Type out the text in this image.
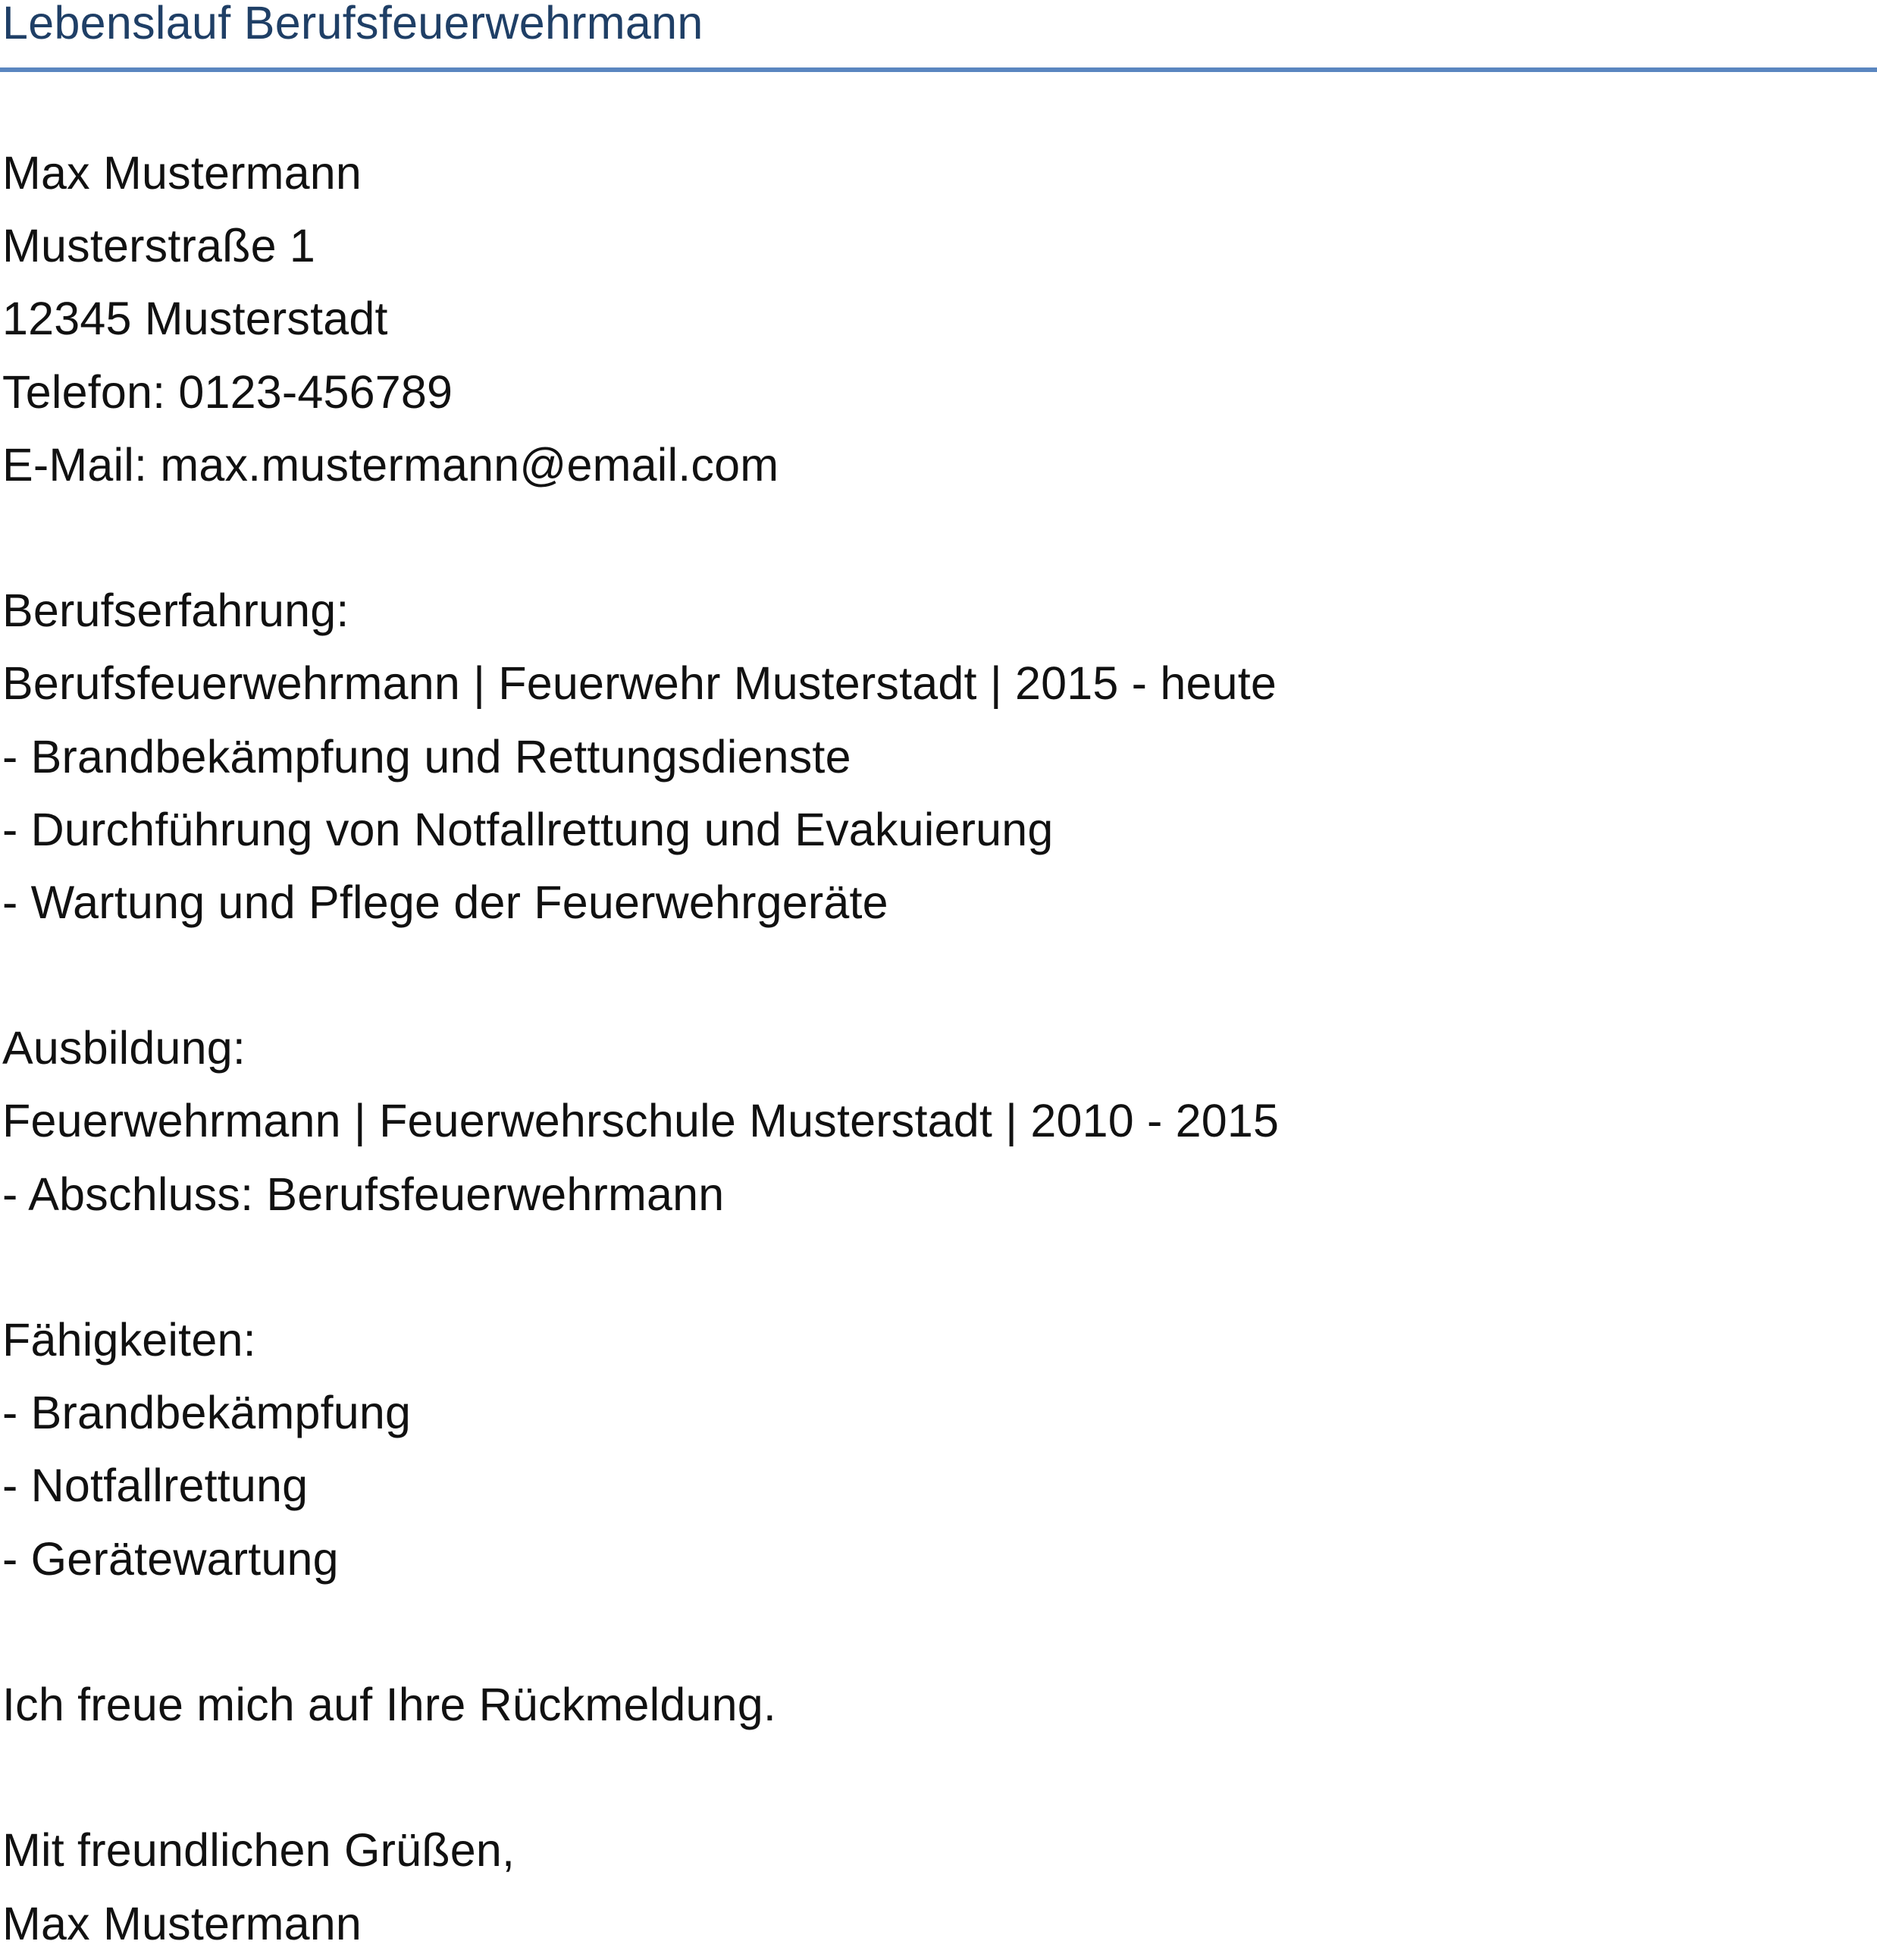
Lebenslauf Berufsfeuerwehrmann
Max Mustermann
Musterstraße 1
12345 Musterstadt
Telefon: 0123-456789
E-Mail: max.mustermann@email.com
Berufserfahrung:
Berufsfeuerwehrmann | Feuerwehr Musterstadt | 2015 - heute
- Brandbekämpfung und Rettungsdienste
- Durchführung von Notfallrettung und Evakuierung
- Wartung und Pflege der Feuerwehrgeräte
Ausbildung:
Feuerwehrmann | Feuerwehrschule Musterstadt | 2010 - 2015
- Abschluss: Berufsfeuerwehrmann
Fähigkeiten:
- Brandbekämpfung
- Notfallrettung
- Gerätewartung
Ich freue mich auf Ihre Rückmeldung.
Mit freundlichen Grüßen,
Max Mustermann
